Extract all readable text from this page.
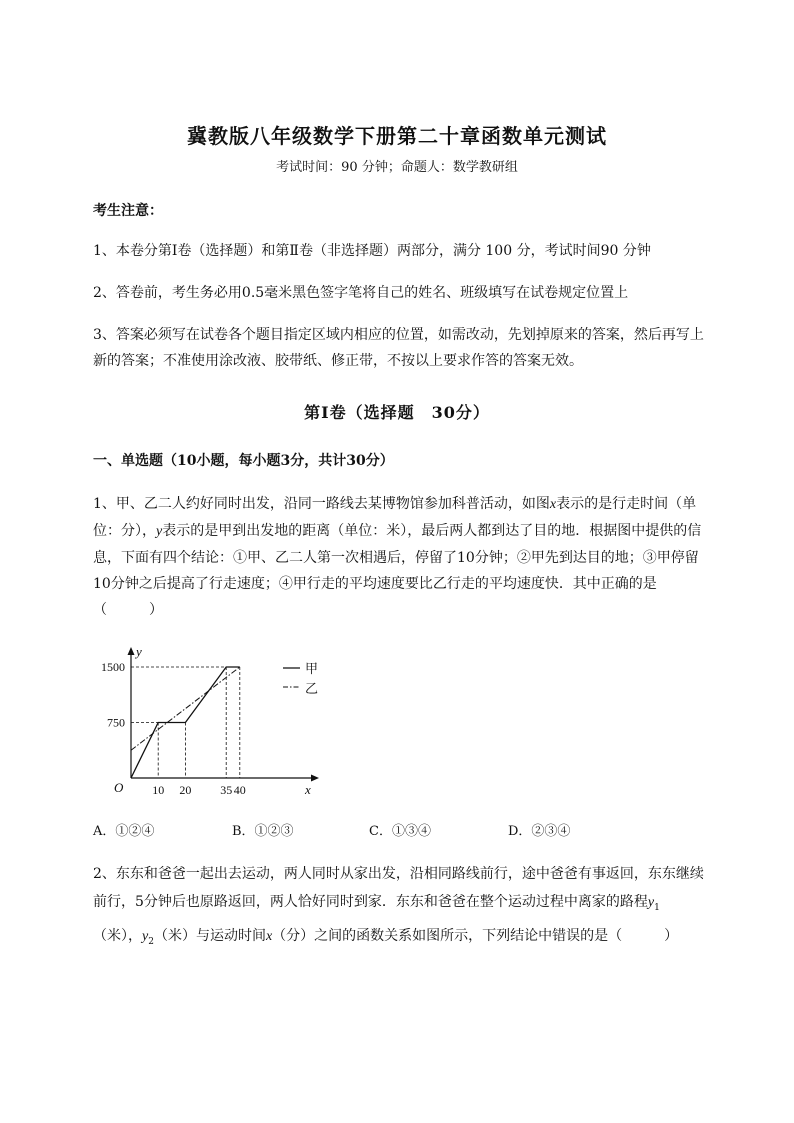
冀教版八年级数学下册第二十章函数单元测试
考试时间：90 分钟；命题人：数学教研组
考生注意：
1、本卷分第Ⅰ卷（选择题）和第Ⅱ卷（非选择题）两部分，满分 100 分，考试时间90 分钟
2、答卷前，考生务必用0.5毫米黑色签字笔将自己的姓名、班级填写在试卷规定位置上
3、答案必须写在试卷各个题目指定区域内相应的位置，如需改动，先划掉原来的答案，然后再写上新的答案；不准使用涂改液、胶带纸、修正带，不按以上要求作答的答案无效。
第Ⅰ卷（选择题　30分）
一、单选题（10小题，每小题3分，共计30分）
1、甲、乙二人约好同时出发，沿同一路线去某博物馆参加科普活动，如图x表示的是行走时间（单位：分），y表示的是甲到出发地的距离（单位：米），最后两人都到达了目的地．根据图中提供的信息，下面有四个结论：①甲、乙二人第一次相遇后，停留了10分钟；②甲先到达目的地；③甲停留10分钟之后提高了行走速度；④甲行走的平均速度要比乙行走的平均速度快．其中正确的是（　　　）
y
x
O
750
1500
10 20 35 40
甲
乙
A．①②④	B．①②③	C．①③④	D．②③④
2、东东和爸爸一起出去运动，两人同时从家出发，沿相同路线前行，途中爸爸有事返回，东东继续前行，5分钟后也原路返回，两人恰好同时到家．东东和爸爸在整个运动过程中离家的路程$y_1$（米），$y_2$（米）与运动时间x（分）之间的函数关系如图所示，下列结论中错误的是（　　　）
